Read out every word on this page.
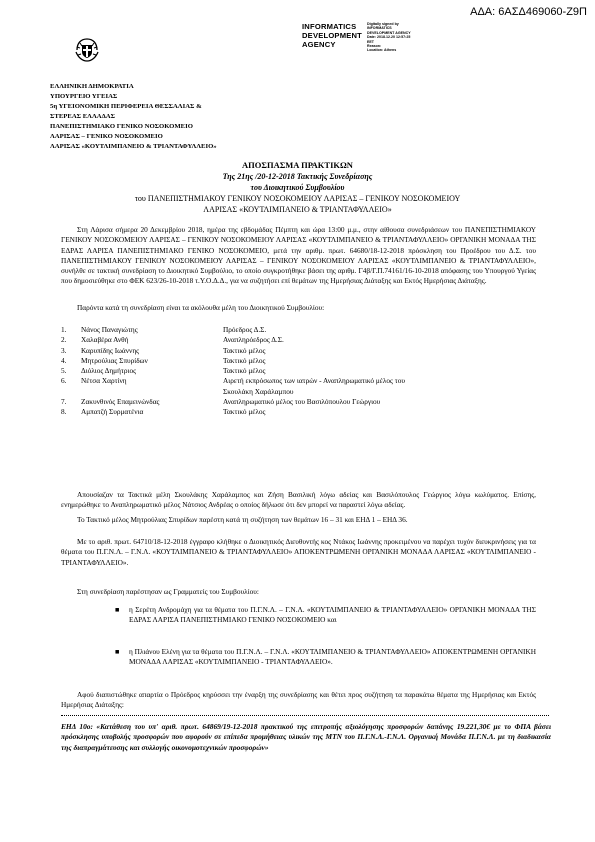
ΑΔΑ: 6ΑΣΔ469060-Ζ9Π
INFORMATICS
DEVELOPMENT
AGENCY
Digitally signed by
INFORMATICS
DEVELOPMENT AGENCY
Date: 2018.12.20 12:57:25
EET
Reason:
Location: Athens
ΕΛΛΗΝΙΚΗ ΔΗΜΟΚΡΑΤΙΑ
ΥΠΟΥΡΓΕΙΟ ΥΓΕΙΑΣ
5η ΥΓΕΙΟΝΟΜΙΚΗ ΠΕΡΙΦΕΡΕΙΑ ΘΕΣΣΑΛΙΑΣ &
ΣΤΕΡΕΑΣ ΕΛΛΑΔΑΣ
ΠΑΝΕΠΙΣΤΗΜΙΑΚΟ ΓΕΝΙΚΟ ΝΟΣΟΚΟΜΕΙΟ
ΛΑΡΙΣΑΣ – ΓΕΝΙΚΟ ΝΟΣΟΚΟΜΕΙΟ
ΛΑΡΙΣΑΣ «ΚΟΥΤΛΙΜΠΑΝΕΙΟ & ΤΡΙΑΝΤΑΦΥΛΛΕΙΟ»
ΑΠΟΣΠΑΣΜΑ ΠΡΑΚΤΙΚΩΝ
Της 21ης /20-12-2018 Τακτικής Συνεδρίασης
του Διοικητικού Συμβουλίου
του ΠΑΝΕΠΙΣΤΗΜΙΑΚΟΥ ΓΕΝΙΚΟΥ ΝΟΣΟΚΟΜΕΙΟΥ ΛΑΡΙΣΑΣ – ΓΕΝΙΚΟΥ ΝΟΣΟΚΟΜΕΙΟΥ
ΛΑΡΙΣΑΣ «ΚΟΥΤΛΙΜΠΑΝΕΙΟ & ΤΡΙΑΝΤΑΦΥΛΛΕΙΟ»
Στη Λάρισα σήμερα 20 Δεκεμβρίου 2018, ημέρα της εβδομάδας Πέμπτη και ώρα 13:00 μ.μ., στην αίθουσα συνεδριάσεων του ΠΑΝΕΠΙΣΤΗΜΙΑΚΟΥ ΓΕΝΙΚΟΥ ΝΟΣΟΚΟΜΕΙΟΥ ΛΑΡΙΣΑΣ – ΓΕΝΙΚΟΥ ΝΟΣΟΚΟΜΕΙΟΥ ΛΑΡΙΣΑΣ «ΚΟΥΤΛΙΜΠΑΝΕΙΟ & ΤΡΙΑΝΤΑΦΥΛΛΕΙΟ» ΟΡΓΑΝΙΚΗ ΜΟΝΑΔΑ ΤΗΣ ΕΔΡΑΣ ΛΑΡΙΣΑ ΠΑΝΕΠΙΣΤΗΜΙΑΚΟ ΓΕΝΙΚΟ ΝΟΣΟΚΟΜΕΙΟ, μετά την αριθμ. πρωτ. 64680/18-12-2018 πρόσκληση του Προέδρου του Δ.Σ. του ΠΑΝΕΠΙΣΤΗΜΙΑΚΟΥ ΓΕΝΙΚΟΥ ΝΟΣΟΚΟΜΕΙΟΥ ΛΑΡΙΣΑΣ – ΓΕΝΙΚΟΥ ΝΟΣΟΚΟΜΕΙΟΥ ΛΑΡΙΣΑΣ «ΚΟΥΤΛΙΜΠΑΝΕΙΟ & ΤΡΙΑΝΤΑΦΥΛΛΕΙΟ», συνήλθε σε τακτική συνεδρίαση το Διοικητικό Συμβούλιο, το οποίο συγκροτήθηκε βάσει της αριθμ. Γ4β/Γ.Π.74161/16-10-2018 απόφασης του Υπουργού Υγείας που δημοσιεύθηκε στο ΦΕΚ 623/26-10-2018 τ.Υ.Ο.Δ.Δ., για να συζητήσει επί θεμάτων της Ημερήσιας Διάταξης και Εκτός Ημερήσιας Διάταξης.
Παρόντα κατά τη συνεδρίαση είναι τα ακόλουθα μέλη του Διοικητικού Συμβουλίου:
1.	Νάνος Παναγιώτης	Πρόεδρος Δ.Σ.
2.	Χαλαβέρα Ανθή	Αναπληρόεδρος Δ.Σ.
3.	Καρυπίδης Ιωάννης	Τακτικό μέλος
4.	Μητρούλιας Σπυρίδων	Τακτικό μέλος
5.	Διόλιος Δημήτριος	Τακτικό μέλος
6.	Νέτσα Χαρτίνη	Αιρετή εκπρόσωπος των ιατρών - Αναπληρωματικό μέλος του
Σκουλάκη Χαράλαμπου
7.	Ζακυνθινός Επαμεινώνδας	Αναπληρωματικό μέλος του Βασιλόπουλου Γεώργιου
8.	Αμπατζή Συρματένια	Τακτικό μέλος
Απουσίαζαν τα Τακτικά μέλη Σκουλάκης Χαράλαμπος και Ζήση Βασιλική λόγω αδείας και Βασιλόπουλος Γεώργιος λόγω κωλύματος. Επίσης, ενημερώθηκε το Αναπληρωματικό μέλος Νάτσιος Ανδρέας ο οποίος δήλωσε ότι δεν μπορεί να παραστεί λόγω αδείας.
Το Τακτικό μέλος Μητρούλιας Σπυρίδων παρέστη κατά τη συζήτηση των θεμάτων 16 – 31 και ΕΗΔ 1 – ΕΗΔ 36.
Με το αριθ. πρωτ. 64710/18-12-2018 έγγραφο κλήθηκε ο Διοικητικός Διευθυντής κος Ντάκος Ιωάννης προκειμένου να παρέχει τυχόν διευκρινήσεις για τα θέματα του Π.Γ.Ν.Λ. – Γ.Ν.Λ. «ΚΟΥΤΛΙΜΠΑΝΕΙΟ & ΤΡΙΑΝΤΑΦΥΛΛΕΙΟ» ΑΠΟΚΕΝΤΡΩΜΕΝΗ ΟΡΓΑΝΙΚΗ ΜΟΝΑΔΑ ΛΑΡΙΣΑΣ «ΚΟΥΤΛΙΜΠΑΝΕΙΟ - ΤΡΙΑΝΤΑΦΥΛΛΕΙΟ».
Στη συνεδρίαση παρέστησαν ως Γραμματείς του Συμβουλίου:
■ η Σερέτη Ανδρομάχη για τα θέματα του Π.Γ.Ν.Λ. – Γ.Ν.Λ. «ΚΟΥΤΛΙΜΠΑΝΕΙΟ & ΤΡΙΑΝΤΑΦΥΛΛΕΙΟ» ΟΡΓΑΝΙΚΗ ΜΟΝΑΔΑ ΤΗΣ ΕΔΡΑΣ ΛΑΡΙΣΑ ΠΑΝΕΠΙΣΤΗΜΙΑΚΟ ΓΕΝΙΚΟ ΝΟΣΟΚΟΜΕΙΟ και
■ η Πλιάνου Ελένη για τα θέματα του Π.Γ.Ν.Λ. – Γ.Ν.Λ. «ΚΟΥΤΛΙΜΠΑΝΕΙΟ & ΤΡΙΑΝΤΑΦΥΛΛΕΙΟ» ΑΠΟΚΕΝΤΡΩΜΕΝΗ ΟΡΓΑΝΙΚΗ ΜΟΝΑΔΑ ΛΑΡΙΣΑΣ «ΚΟΥΤΛΙΜΠΑΝΕΙΟ - ΤΡΙΑΝΤΑΦΥΛΛΕΙΟ».
Αφού διαπιστώθηκε απαρτία ο Πρόεδρος κηρύσσει την έναρξη της συνεδρίασης και θέτει προς συζήτηση τα παρακάτω θέματα της Ημερήσιας και Εκτός Ημερήσιας Διάταξης:
ΕΗΔ 10ο: «Κατάθεση του υπ' αριθ. πρωτ. 64869/19-12-2018 πρακτικού της επιτροπής αξιολόγησης προσφορών δαπάνης 19.221,30€ με το ΦΠΑ βάσει πρόσκλησης υποβολής προσφορών που αφορούν σε επίπεδα προμήθειας υλικών της ΜΤΝ του Π.Γ.Ν.Λ.-Γ.Ν.Λ. Οργανική Μονάδα Π.Γ.Ν.Λ. με τη διαδικασία της διαπραγμάτευσης και συλλογής οικονομοτεχνικών προσφορών»
